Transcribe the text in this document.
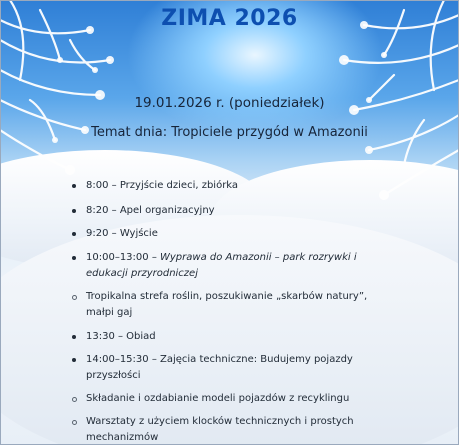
ZIMA 2026
19.01.2026 r. (poniedziałek)
Temat dnia: Tropiciele przygód w Amazonii
8:00 – Przyjście dzieci, zbiórka
8:20 – Apel organizacyjny
9:20 – Wyjście
10:00–13:00 – Wyprawa do Amazonii – park rozrywki i edukacji przyrodniczej
Tropikalna strefa roślin, poszukiwanie „skarbów natury”, małpi gaj
13:30 – Obiad
14:00–15:30 – Zajęcia techniczne: Budujemy pojazdy przyszłości
Składanie i ozdabianie modeli pojazdów z recyklingu
Warsztaty z użyciem klocków technicznych i prostych mechanizmów
